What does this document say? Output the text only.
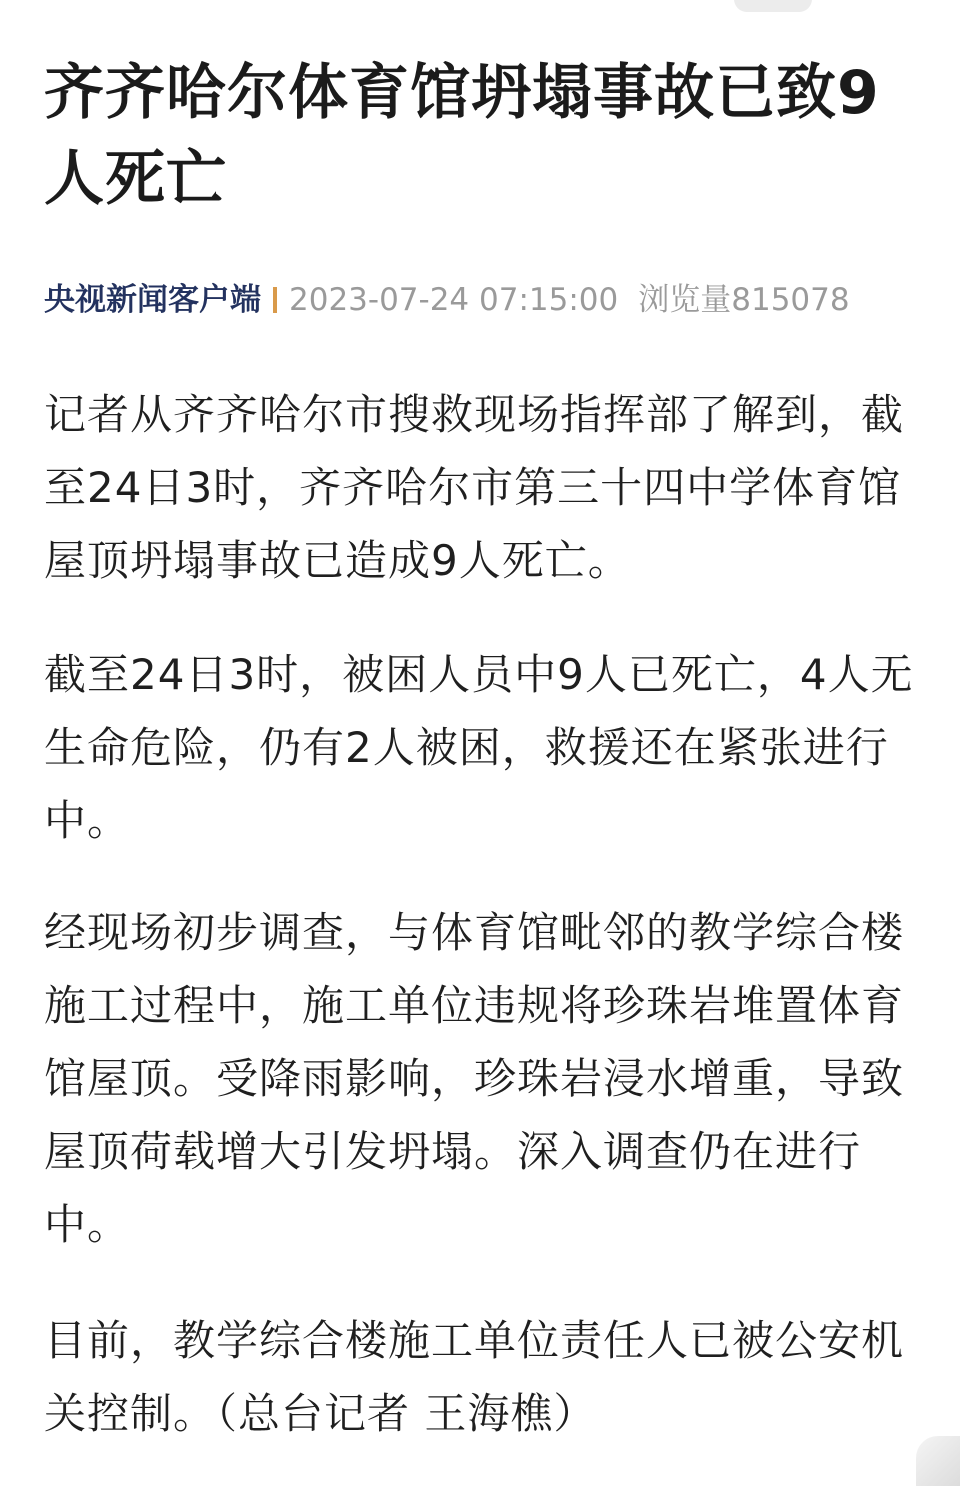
齐齐哈尔体育馆坍塌事故已致9人死亡
央视新闻客户端 2023-07-24 07:15:00 浏览量815078

记者从齐齐哈尔市搜救现场指挥部了解到，截至24日3时，齐齐哈尔市第三十四中学体育馆屋顶坍塌事故已造成9人死亡。

截至24日3时，被困人员中9人已死亡，4人无生命危险，仍有2人被困，救援还在紧张进行中。

经现场初步调查，与体育馆毗邻的教学综合楼施工过程中，施工单位违规将珍珠岩堆置体育馆屋顶。受降雨影响，珍珠岩浸水增重，导致屋顶荷载增大引发坍塌。深入调查仍在进行中。

目前，教学综合楼施工单位责任人已被公安机关控制。（总台记者 王海樵）
